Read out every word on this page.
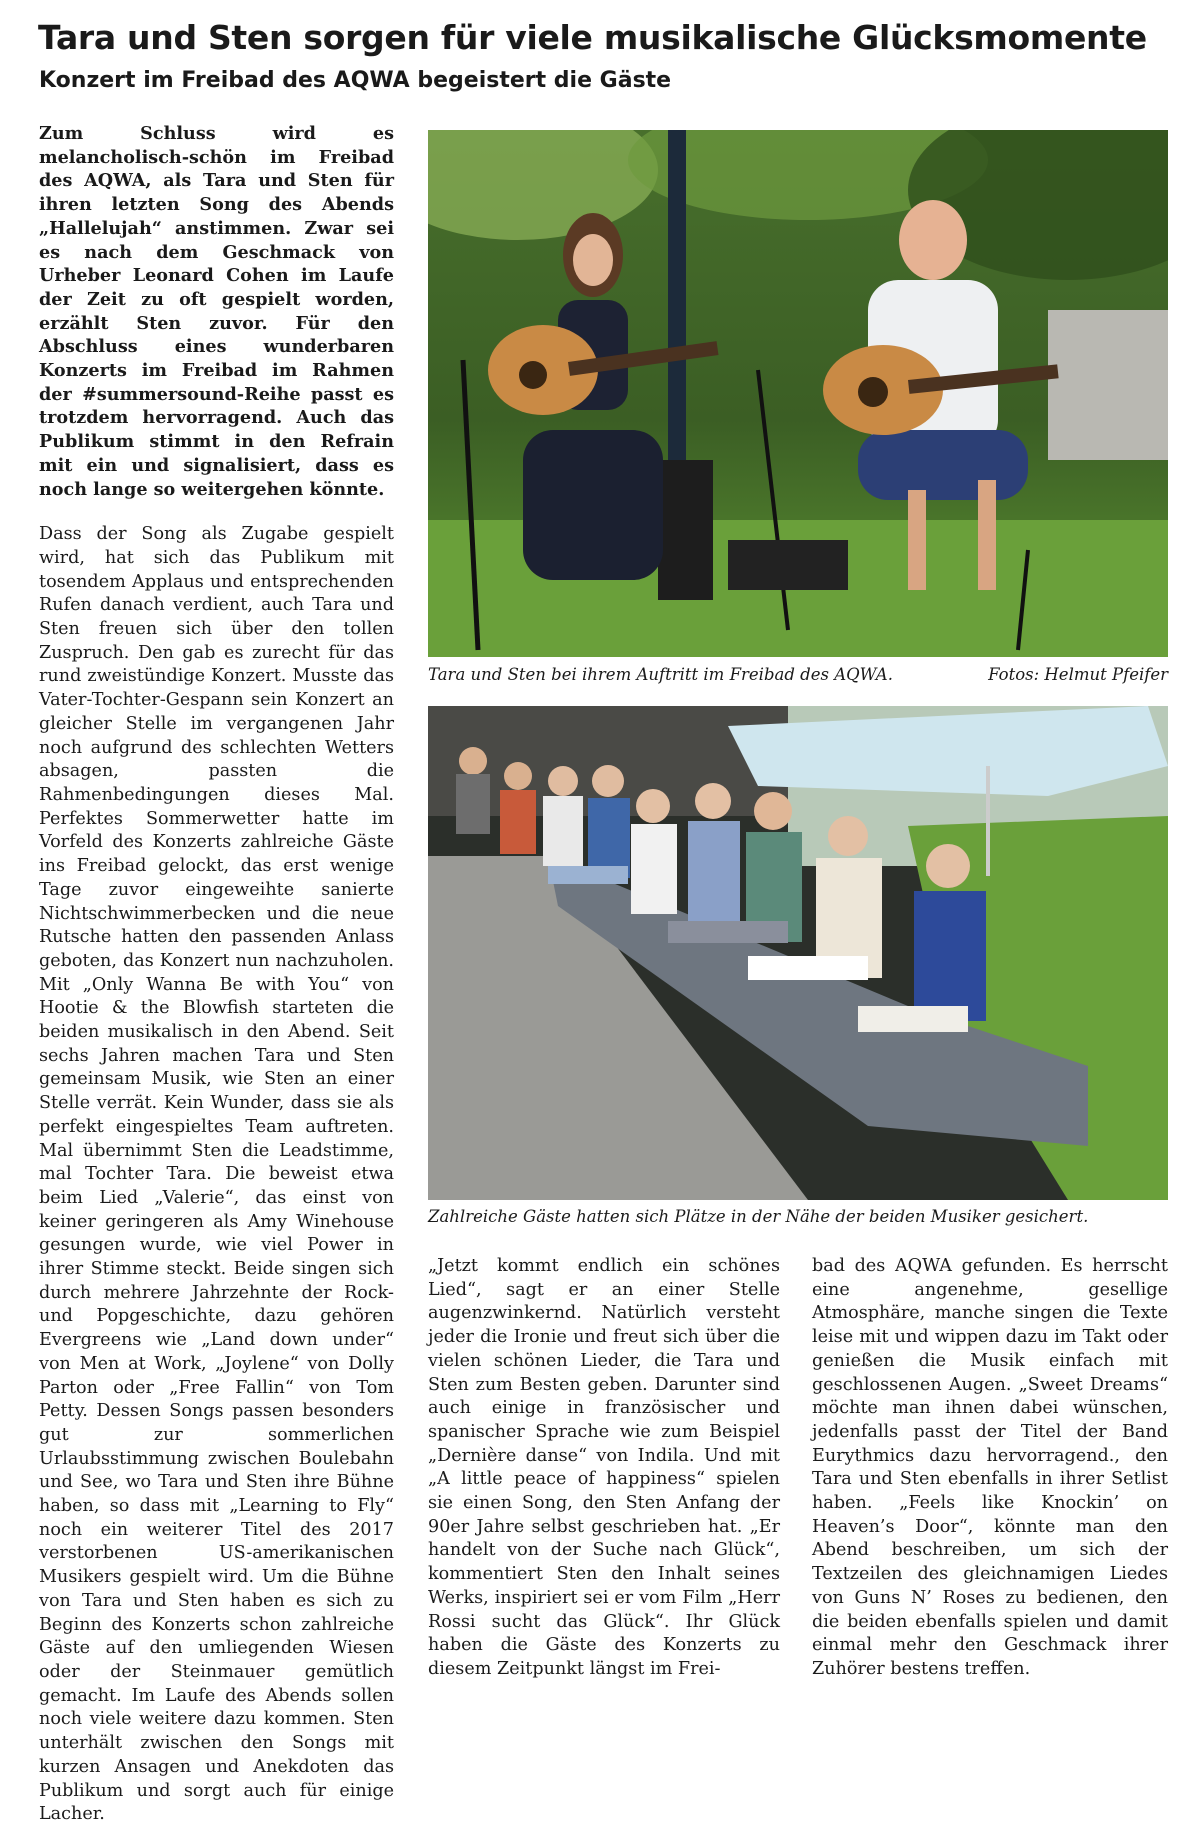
Tara und Sten sorgen für viele musikalische Glücksmomente
Konzert im Freibad des AQWA begeistert die Gäste

Zum Schluss wird es melancholisch-schön im Freibad des AQWA, als Tara und Sten für ihren letzten Song des Abends „Hallelujah“ anstimmen. Zwar sei es nach dem Geschmack von Urheber Leonard Cohen im Laufe der Zeit zu oft gespielt worden, erzählt Sten zuvor. Für den Abschluss eines wunderbaren Konzerts im Freibad im Rahmen der #summersound-Reihe passt es trotzdem hervorragend. Auch das Publikum stimmt in den Refrain mit ein und signalisiert, dass es noch lange so weitergehen könnte.

Dass der Song als Zugabe gespielt wird, hat sich das Publikum mit tosendem Applaus und entsprechenden Rufen danach verdient, auch Tara und Sten freuen sich über den tollen Zuspruch. Den gab es zurecht für das rund zweistündige Konzert. Musste das Vater-Tochter-Gespann sein Konzert an gleicher Stelle im vergangenen Jahr noch aufgrund des schlechten Wetters absagen, passten die Rahmenbedingungen dieses Mal. Perfektes Sommerwetter hatte im Vorfeld des Konzerts zahlreiche Gäste ins Freibad gelockt, das erst wenige Tage zuvor eingeweihte sanierte Nichtschwimmerbecken und die neue Rutsche hatten den passenden Anlass geboten, das Konzert nun nachzuholen. Mit „Only Wanna Be with You“ von Hootie & the Blowfish starteten die beiden musikalisch in den Abend. Seit sechs Jahren machen Tara und Sten gemeinsam Musik, wie Sten an einer Stelle verrät. Kein Wunder, dass sie als perfekt eingespieltes Team auftreten. Mal übernimmt Sten die Leadstimme, mal Tochter Tara. Die beweist etwa beim Lied „Valerie“, das einst von keiner geringeren als Amy Winehouse gesungen wurde, wie viel Power in ihrer Stimme steckt. Beide singen sich durch mehrere Jahrzehnte der Rock- und Popgeschichte, dazu gehören Evergreens wie „Land down under“ von Men at Work, „Joylene“ von Dolly Parton oder „Free Fallin“ von Tom Petty. Dessen Songs passen besonders gut zur sommerlichen Urlaubsstimmung zwischen Boulebahn und See, wo Tara und Sten ihre Bühne haben, so dass mit „Learning to Fly“ noch ein weiterer Titel des 2017 verstorbenen US-amerikanischen Musikers gespielt wird. Um die Bühne von Tara und Sten haben es sich zu Beginn des Konzerts schon zahlreiche Gäste auf den umliegenden Wiesen oder der Steinmauer gemütlich gemacht. Im Laufe des Abends sollen noch viele weitere dazu kommen. Sten unterhält zwischen den Songs mit kurzen Ansagen und Anekdoten das Publikum und sorgt auch für einige Lacher.

Tara und Sten bei ihrem Auftritt im Freibad des AQWA.	Fotos: Helmut Pfeifer
Zahlreiche Gäste hatten sich Plätze in der Nähe der beiden Musiker gesichert.

„Jetzt kommt endlich ein schönes Lied“, sagt er an einer Stelle augenzwinkernd. Natürlich versteht jeder die Ironie und freut sich über die vielen schönen Lieder, die Tara und Sten zum Besten geben. Darunter sind auch einige in französischer und spanischer Sprache wie zum Beispiel „Dernière danse“ von Indila. Und mit „A little peace of happiness“ spielen sie einen Song, den Sten Anfang der 90er Jahre selbst geschrieben hat. „Er handelt von der Suche nach Glück“, kommentiert Sten den Inhalt seines Werks, inspiriert sei er vom Film „Herr Rossi sucht das Glück“. Ihr Glück haben die Gäste des Konzerts zu diesem Zeitpunkt längst im Frei-

bad des AQWA gefunden. Es herrscht eine angenehme, gesellige Atmosphäre, manche singen die Texte leise mit und wippen dazu im Takt oder genießen die Musik einfach mit geschlossenen Augen. „Sweet Dreams“ möchte man ihnen dabei wünschen, jedenfalls passt der Titel der Band Eurythmics dazu hervorragend., den Tara und Sten ebenfalls in ihrer Setlist haben. „Feels like Knockin’ on Heaven’s Door“, könnte man den Abend beschreiben, um sich der Textzeilen des gleichnamigen Liedes von Guns N’ Roses zu bedienen, den die beiden ebenfalls spielen und damit einmal mehr den Geschmack ihrer Zuhörer bestens treffen.
